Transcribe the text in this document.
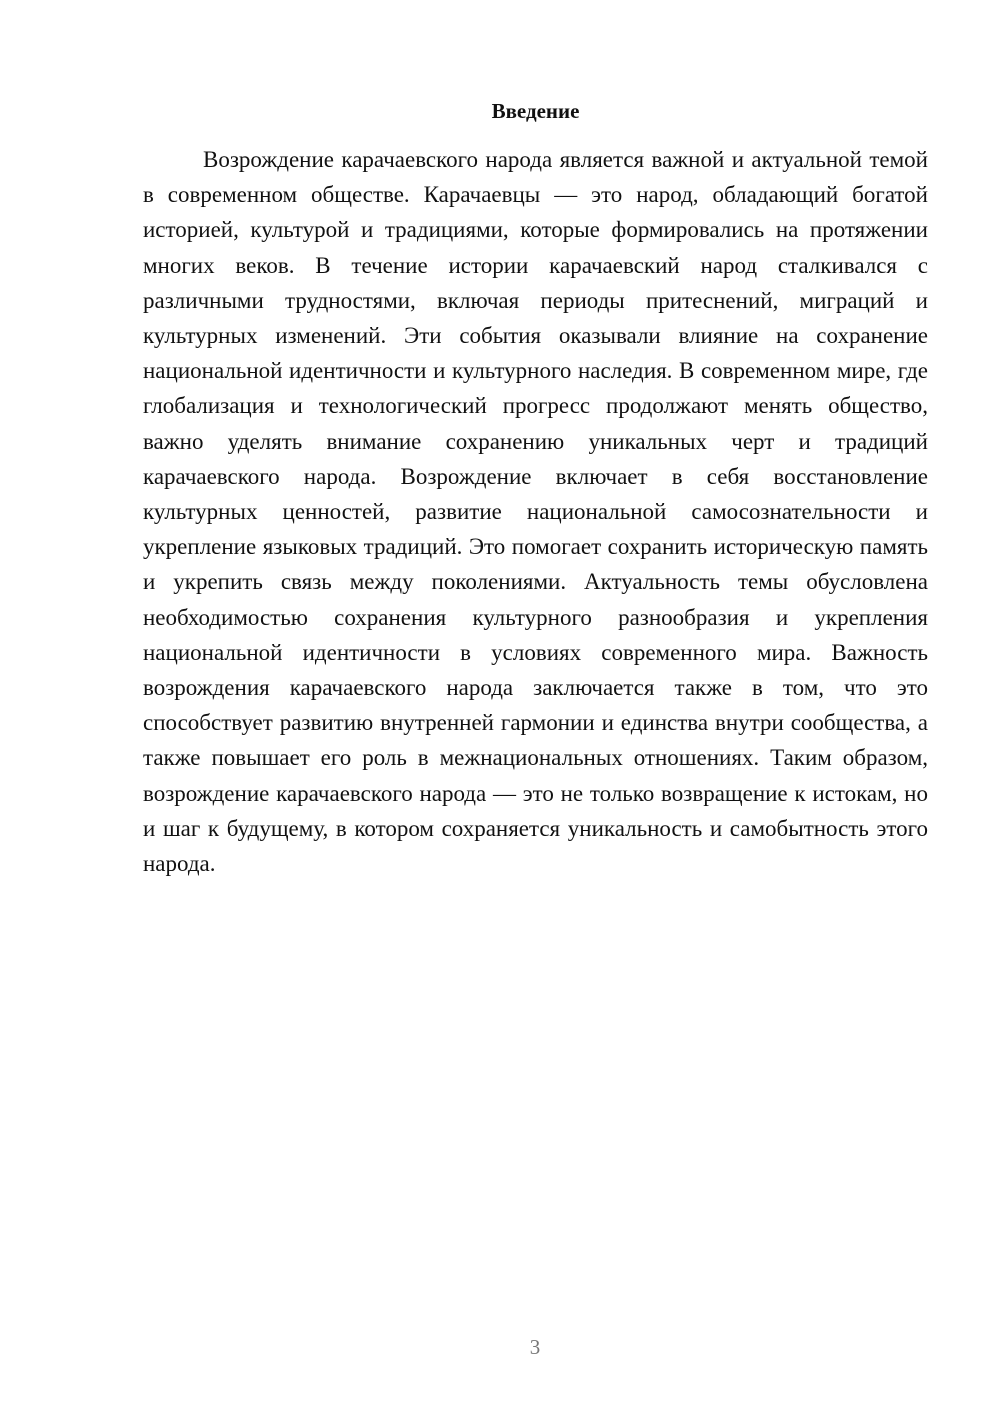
Введение

Возрождение карачаевского народа является важной и актуальной темой в современном обществе. Карачаевцы — это народ, обладающий богатой историей, культурой и традициями, которые формировались на протяжении многих веков. В течение истории карачаевский народ сталкивался с различными трудностями, включая периоды притеснений, миграций и культурных изменений. Эти события оказывали влияние на сохранение национальной идентичности и культурного наследия. В современном мире, где глобализация и технологический прогресс продолжают менять общество, важно уделять внимание сохранению уникальных черт и традиций карачаевского народа. Возрождение включает в себя восстановление культурных ценностей, развитие национальной самосознательности и укрепление языковых традиций. Это помогает сохранить историческую память и укрепить связь между поколениями. Актуальность темы обусловлена необходимостью сохранения культурного разнообразия и укрепления национальной идентичности в условиях современного мира. Важность возрождения карачаевского народа заключается также в том, что это способствует развитию внутренней гармонии и единства внутри сообщества, а также повышает его роль в межнациональных отношениях. Таким образом, возрождение карачаевского народа — это не только возвращение к истокам, но и шаг к будущему, в котором сохраняется уникальность и самобытность этого народа.

3
